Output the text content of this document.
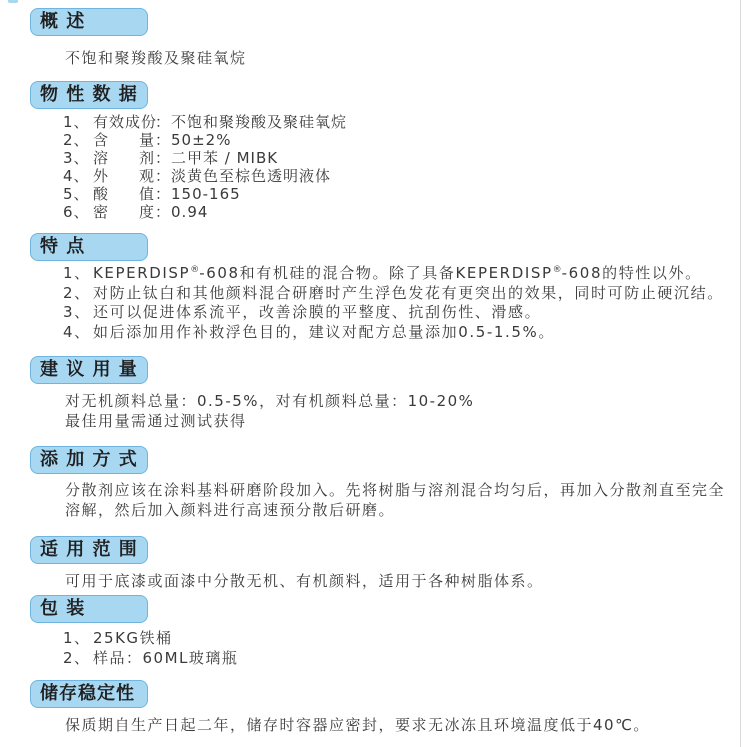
概 述
不饱和聚羧酸及聚硅氧烷
物 性 数 据
1、 有效成份：不饱和聚羧酸及聚硅氧烷
2、 含量：50±2%
3、 溶剂：二甲苯 / MIBK
4、 外观：淡黄色至棕色透明液体
5、 酸值：150-165
6、 密度：0.94
特 点
1、 KEPERDISP®-608和有机硅的混合物。除了具备KEPERDISP®-608的特性以外。
2、 对防止钛白和其他颜料混合研磨时产生浮色发花有更突出的效果，同时可防止硬沉结。
3、 还可以促进体系流平，改善涂膜的平整度、抗刮伤性、滑感。
4、 如后添加用作补救浮色目的，建议对配方总量添加0.5-1.5%。
建 议 用 量
对无机颜料总量：0.5-5%，对有机颜料总量：10-20%
最佳用量需通过测试获得
添 加 方 式
分散剂应该在涂料基料研磨阶段加入。先将树脂与溶剂混合均匀后，再加入分散剂直至完全溶解，然后加入颜料进行高速预分散后研磨。
适 用 范 围
可用于底漆或面漆中分散无机、有机颜料，适用于各种树脂体系。
包 装
1、 25KG铁桶
2、 样品：60ML玻璃瓶
储存稳定性
保质期自生产日起二年，储存时容器应密封，要求无冰冻且环境温度低于40℃。
